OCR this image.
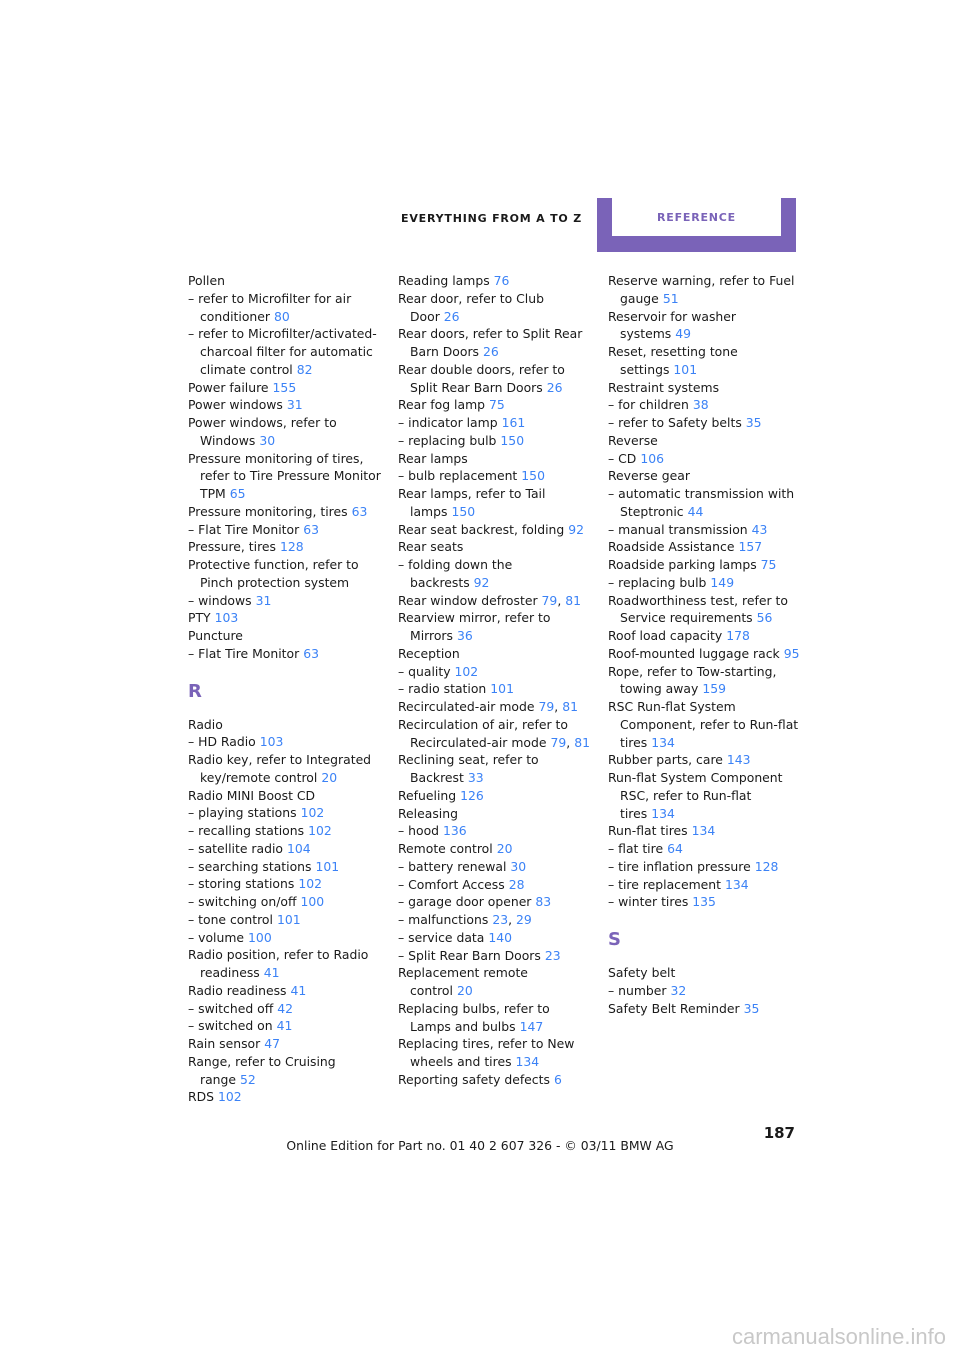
EVERYTHING FROM A TO Z	REFERENCE

Pollen

– refer to Microfilter for air conditioner 80

– refer to Microfilter/activated-charcoal filter for automatic climate control 82

Power failure 155

Power windows 31

Power windows, refer to Windows 30

Pressure monitoring of tires, refer to Tire Pressure Monitor TPM 65

Pressure monitoring, tires 63

– Flat Tire Monitor 63

Pressure, tires 128

Protective function, refer to Pinch protection system

– windows 31

PTY 103

Puncture

– Flat Tire Monitor 63

R

Radio

– HD Radio 103

Radio key, refer to Integrated key/remote control 20

Radio MINI Boost CD

– playing stations 102

– recalling stations 102

– satellite radio 104

– searching stations 101

– storing stations 102

– switching on/off 100

– tone control 101

– volume 100

Radio position, refer to Radio readiness 41

Radio readiness 41

– switched off 42

– switched on 41

Rain sensor 47

Range, refer to Cruising range 52

RDS 102

Reading lamps 76

Rear door, refer to Club Door 26

Rear doors, refer to Split Rear Barn Doors 26

Rear double doors, refer to Split Rear Barn Doors 26

Rear fog lamp 75

– indicator lamp 161

– replacing bulb 150

Rear lamps

– bulb replacement 150

Rear lamps, refer to Tail lamps 150

Rear seat backrest, folding 92

Rear seats

– folding down the backrests 92

Rear window defroster 79, 81

Rearview mirror, refer to Mirrors 36

Reception

– quality 102

– radio station 101

Recirculated-air mode 79, 81

Recirculation of air, refer to Recirculated-air mode 79, 81

Reclining seat, refer to Backrest 33

Refueling 126

Releasing

– hood 136

Remote control 20

– battery renewal 30

– Comfort Access 28

– garage door opener 83

– malfunctions 23, 29

– service data 140

– Split Rear Barn Doors 23

Replacement remote control 20

Replacing bulbs, refer to Lamps and bulbs 147

Replacing tires, refer to New wheels and tires 134

Reporting safety defects 6

Reserve warning, refer to Fuel gauge 51

Reservoir for washer systems 49

Reset, resetting tone settings 101

Restraint systems

– for children 38

– refer to Safety belts 35

Reverse

– CD 106

Reverse gear

– automatic transmission with Steptronic 44

– manual transmission 43

Roadside Assistance 157

Roadside parking lamps 75

– replacing bulb 149

Roadworthiness test, refer to Service requirements 56

Roof load capacity 178

Roof-mounted luggage rack 95

Rope, refer to Tow-starting, towing away 159

RSC Run-flat System Component, refer to Run-flat tires 134

Rubber parts, care 143

Run-flat System Component RSC, refer to Run-flat tires 134

Run-flat tires 134

– flat tire 64

– tire inflation pressure 128

– tire replacement 134

– winter tires 135

S

Safety belt

– number 32

Safety Belt Reminder 35

187
Online Edition for Part no. 01 40 2 607 326 - © 03/11 BMW AG
carmanualsonline.info
